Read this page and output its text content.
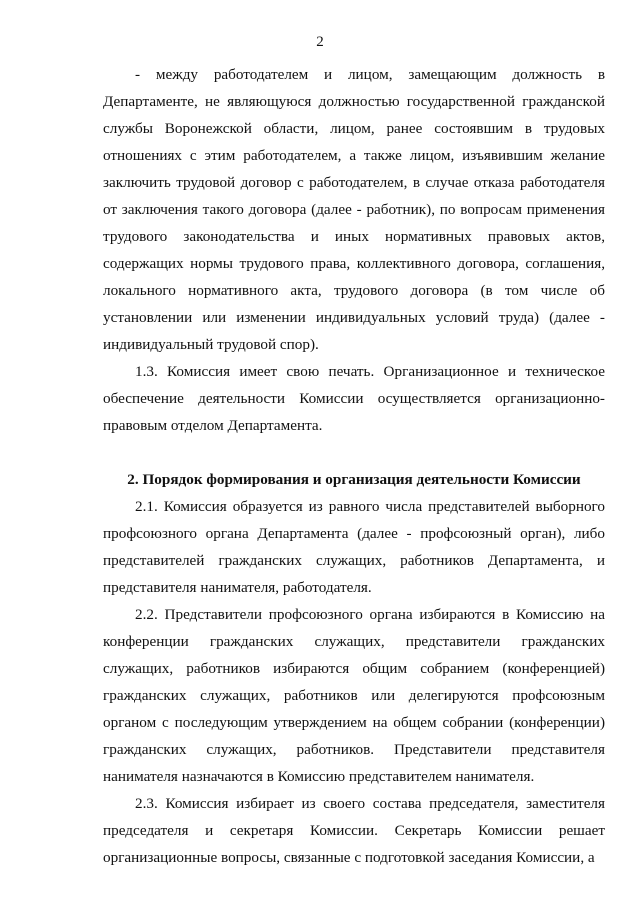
2

- между работодателем и лицом, замещающим должность в Департаменте, не являющуюся должностью государственной гражданской службы Воронежской области, лицом, ранее состоявшим в трудовых отношениях с этим работодателем, а также лицом, изъявившим желание заключить трудовой договор с работодателем, в случае отказа работодателя от заключения такого договора (далее - работник), по вопросам применения трудового законодательства и иных нормативных правовых актов, содержащих нормы трудового права, коллективного договора, соглашения, локального нормативного акта, трудового договора (в том числе об установлении или изменении индивидуальных условий труда) (далее - индивидуальный трудовой спор).

1.3. Комиссия имеет свою печать. Организационное и техническое обеспечение деятельности Комиссии осуществляется организационно-правовым отделом Департамента.

2. Порядок формирования и организация деятельности Комиссии

2.1. Комиссия образуется из равного числа представителей выборного профсоюзного органа Департамента (далее - профсоюзный орган), либо представителей гражданских служащих, работников Департамента, и представителя нанимателя, работодателя.

2.2. Представители профсоюзного органа избираются в Комиссию на конференции гражданских служащих, представители гражданских служащих, работников избираются общим собранием (конференцией) гражданских служащих, работников или делегируются профсоюзным органом с последующим утверждением на общем собрании (конференции) гражданских служащих, работников. Представители представителя нанимателя назначаются в Комиссию представителем нанимателя.

2.3. Комиссия избирает из своего состава председателя, заместителя председателя и секретаря Комиссии. Секретарь Комиссии решает организационные вопросы, связанные с подготовкой заседания Комиссии, а
